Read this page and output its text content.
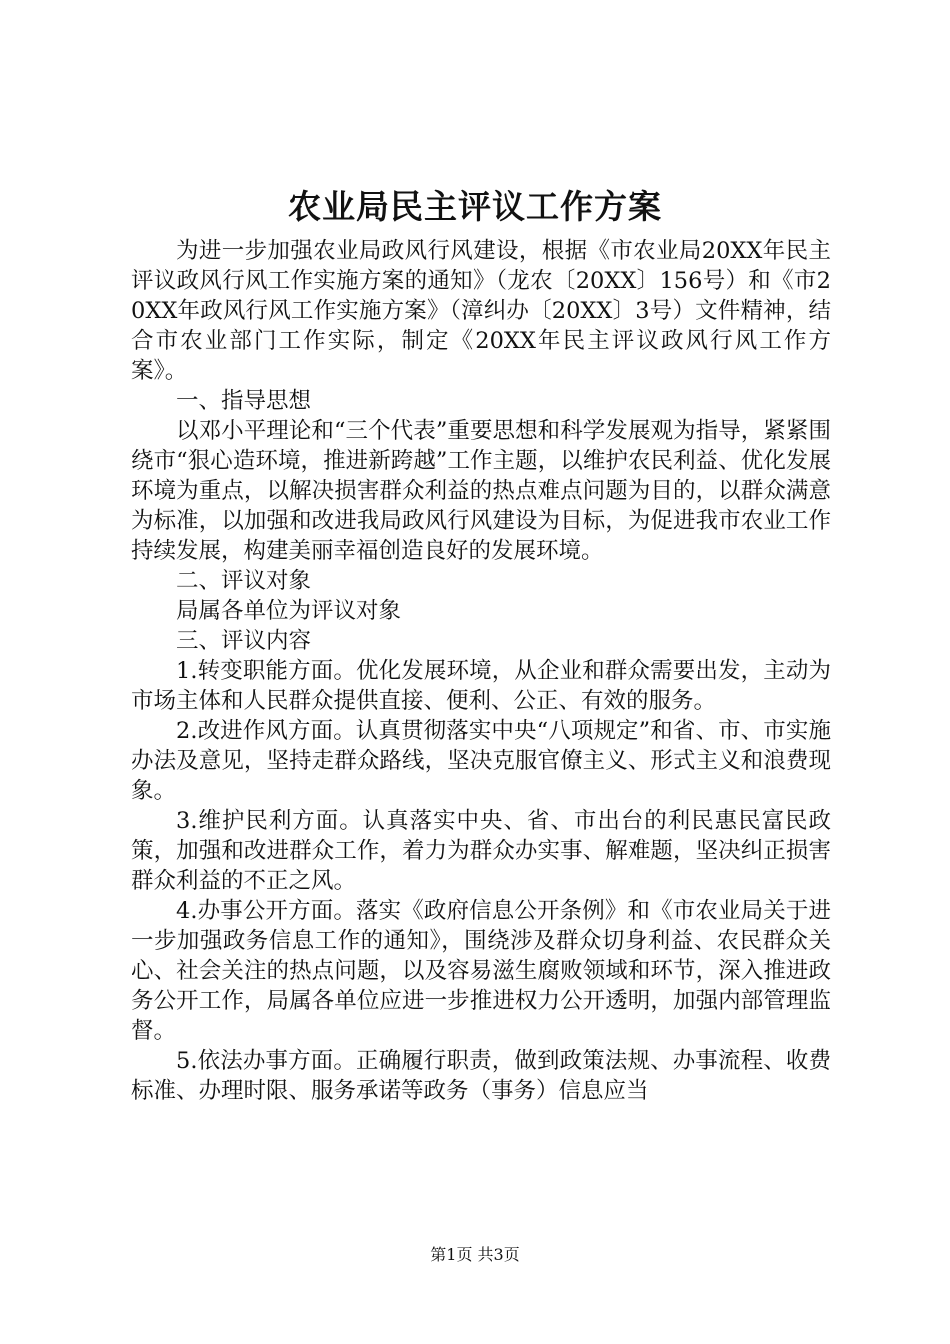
农业局民主评议工作方案

为进一步加强农业局政风行风建设，根据《市农业局20XX年民主评议政风行风工作实施方案的通知》（龙农〔20XX〕156号）和《市20XX年政风行风工作实施方案》（漳纠办〔20XX〕3号）文件精神，结合市农业部门工作实际，制定《20XX年民主评议政风行风工作方案》。

一、指导思想

以邓小平理论和“三个代表”重要思想和科学发展观为指导，紧紧围绕市“狠心造环境，推进新跨越”工作主题，以维护农民利益、优化发展环境为重点，以解决损害群众利益的热点难点问题为目的，以群众满意为标准，以加强和改进我局政风行风建设为目标，为促进我市农业工作持续发展，构建美丽幸福创造良好的发展环境。

二、评议对象

局属各单位为评议对象

三、评议内容

1.转变职能方面。优化发展环境，从企业和群众需要出发，主动为市场主体和人民群众提供直接、便利、公正、有效的服务。

2.改进作风方面。认真贯彻落实中央“八项规定”和省、市、市实施办法及意见，坚持走群众路线，坚决克服官僚主义、形式主义和浪费现象。

3.维护民利方面。认真落实中央、省、市出台的利民惠民富民政策，加强和改进群众工作，着力为群众办实事、解难题，坚决纠正损害群众利益的不正之风。

4.办事公开方面。落实《政府信息公开条例》和《市农业局关于进一步加强政务信息工作的通知》，围绕涉及群众切身利益、农民群众关心、社会关注的热点问题，以及容易滋生腐败领域和环节，深入推进政务公开工作，局属各单位应进一步推进权力公开透明，加强内部管理监督。

5.依法办事方面。正确履行职责，做到政策法规、办事流程、收费标准、办理时限、服务承诺等政务（事务）信息应当

第1页 共3页
